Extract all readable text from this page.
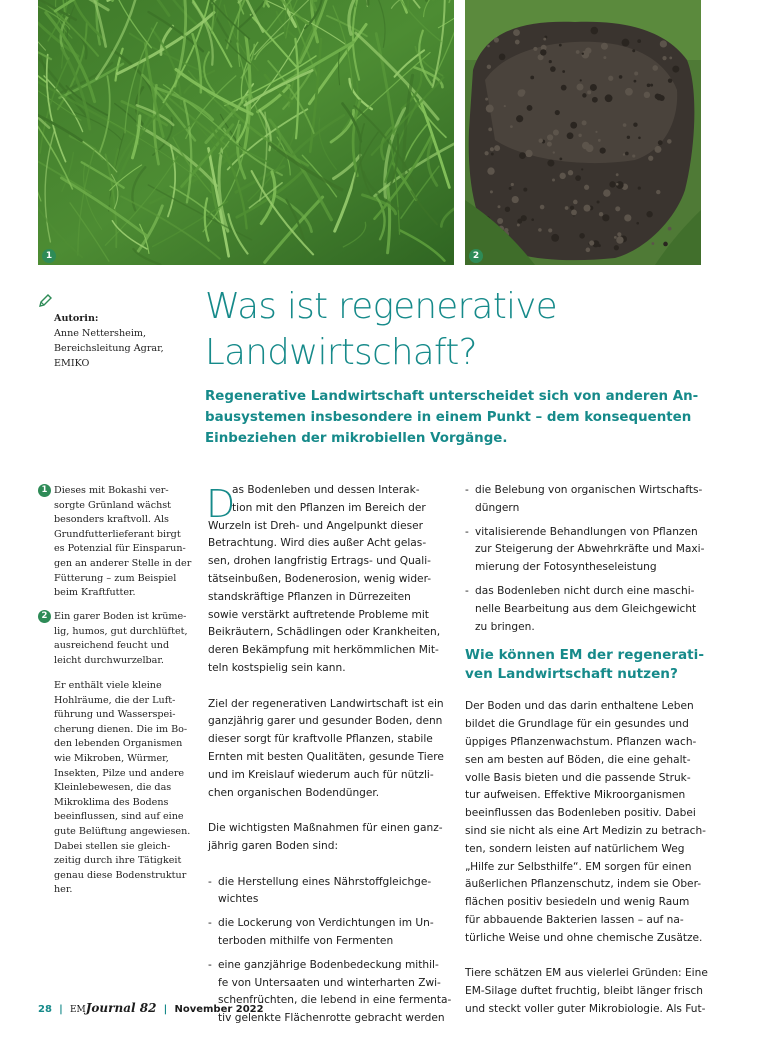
1	2
Autorin:
Anne Nettersheim,
Bereichsleitung Agrar,
EMIKO
Was ist regenerative
Landwirtschaft?
Regenerative Landwirtschaft unterscheidet sich von anderen An-
bausystemen insbesondere in einem Punkt – dem konsequenten
Einbeziehen der mikrobiellen Vorgänge.
1 Dieses mit Bokashi ver-
sorgte Grünland wächst
besonders kraftvoll. Als
Grundfutterlieferant birgt
es Potenzial für Einsparun-
gen an anderer Stelle in der
Fütterung – zum Beispiel
beim Kraftfutter.
2 Ein garer Boden ist krüme-
lig, humos, gut durchlüftet,
ausreichend feucht und
leicht durchwurzelbar.
Er enthält viele kleine
Hohlräume, die der Luft-
führung und Wasserspei-
cherung dienen. Die im Bo-
den lebenden Organismen
wie Mikroben, Würmer,
Insekten, Pilze und andere
Kleinlebewesen, die das
Mikroklima des Bodens
beeinflussen, sind auf eine
gute Belüftung angewiesen.
Dabei stellen sie gleich-
zeitig durch ihre Tätigkeit
genau diese Bodenstruktur
her.
D
as Bodenleben und dessen Interak-
tion mit den Pflanzen im Bereich der
Wurzeln ist Dreh- und Angelpunkt dieser
Betrachtung. Wird dies außer Acht gelas-
sen, drohen langfristig Ertrags- und Quali-
tätseinbußen, Bodenerosion, wenig wider-
standskräftige Pflanzen in Dürrezeiten
sowie verstärkt auftretende Probleme mit
Beikräutern, Schädlingen oder Krankheiten,
deren Bekämpfung mit herkömmlichen Mit-
teln kostspielig sein kann.
Ziel der regenerativen Landwirtschaft ist ein
ganzjährig garer und gesunder Boden, denn
dieser sorgt für kraftvolle Pflanzen, stabile
Ernten mit besten Qualitäten, gesunde Tiere
und im Kreislauf wiederum auch für nützli-
chen organischen Bodendünger.
Die wichtigsten Maßnahmen für einen ganz-
jährig garen Boden sind:
- die Herstellung eines Nährstoffgleichge-
wichtes
- die Lockerung von Verdichtungen im Un-
terboden mithilfe von Fermenten
- eine ganzjährige Bodenbedeckung mithil-
fe von Untersaaten und winterharten Zwi-
schenfrüchten, die lebend in eine fermenta-
tiv gelenkte Flächenrotte gebracht werden
- die Belebung von organischen Wirtschafts-
düngern
- vitalisierende Behandlungen von Pflanzen
zur Steigerung der Abwehrkräfte und Maxi-
mierung der Fotosyntheseleistung
- das Bodenleben nicht durch eine maschi-
nelle Bearbeitung aus dem Gleichgewicht
zu bringen.
Wie können EM der regenerati-
ven Landwirtschaft nutzen?
Der Boden und das darin enthaltene Leben
bildet die Grundlage für ein gesundes und
üppiges Pflanzenwachstum. Pflanzen wach-
sen am besten auf Böden, die eine gehalt-
volle Basis bieten und die passende Struk-
tur aufweisen. Effektive Mikroorganismen
beeinflussen das Bodenleben positiv. Dabei
sind sie nicht als eine Art Medizin zu betrach-
ten, sondern leisten auf natürlichem Weg
„Hilfe zur Selbsthilfe“. EM sorgen für einen
äußerlichen Pflanzenschutz, indem sie Ober-
flächen positiv besiedeln und wenig Raum
für abbauende Bakterien lassen – auf na-
türliche Weise und ohne chemische Zusätze.
Tiere schätzen EM aus vielerlei Gründen: Eine
EM-Silage duftet fruchtig, bleibt länger frisch
und steckt voller guter Mikrobiologie. Als Fut-
28 | EMJournal 82 | November 2022
